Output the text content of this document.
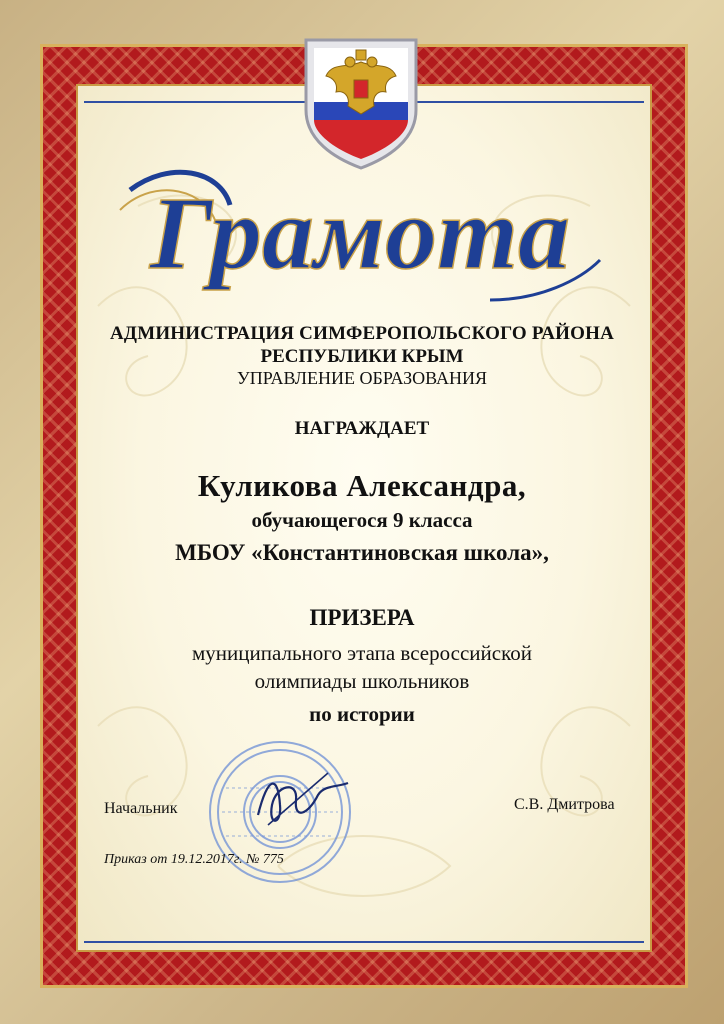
Грамота
АДМИНИСТРАЦИЯ СИМФЕРОПОЛЬСКОГО РАЙОНА
РЕСПУБЛИКИ КРЫМ
УПРАВЛЕНИЕ ОБРАЗОВАНИЯ
НАГРАЖДАЕТ
Куликова Александра,
обучающегося 9 класса
МБОУ «Константиновская школа»,
ПРИЗЕРА
муниципального этапа всероссийской
олимпиады школьников
по истории
Начальник	С.В. Дмитрова
Приказ от 19.12.2017г. № 775
